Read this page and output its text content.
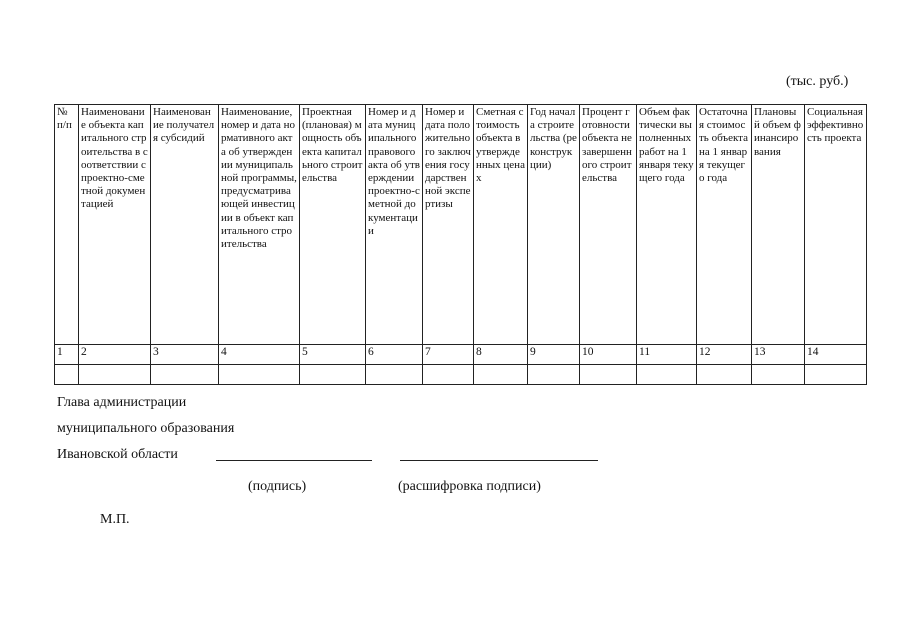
(тыс. руб.)
№ п/п	Наименование объекта капитального строительства в соответствии с проектно-сметной документацией	Наименование получателя субсидий	Наименование, номер и дата нормативного акта об утверждении муниципальной программы, предусматривающей инвестиции в объект капитального строительства	Проектная (плановая) мощность объекта капитального строительства	Номер и дата муниципального правового акта об утверждении проектно-сметной документации	Номер и дата положительного заключения государственной экспертизы	Сметная стоимость объекта в утвержденных ценах	Год начала строительства (реконструкции)	Процент готовности объекта незавершенного строительства	Объем фактически выполненных работ на 1 января текущего года	Остаточная стоимость объекта на 1 января текущего года	Плановый объем финансирования	Социальная эффективность проекта
1	2	3	4	5	6	7	8	9	10	11	12	13	14

Глава администрации
муниципального образования
Ивановской области
(подпись)	(расшифровка подписи)
М.П.
